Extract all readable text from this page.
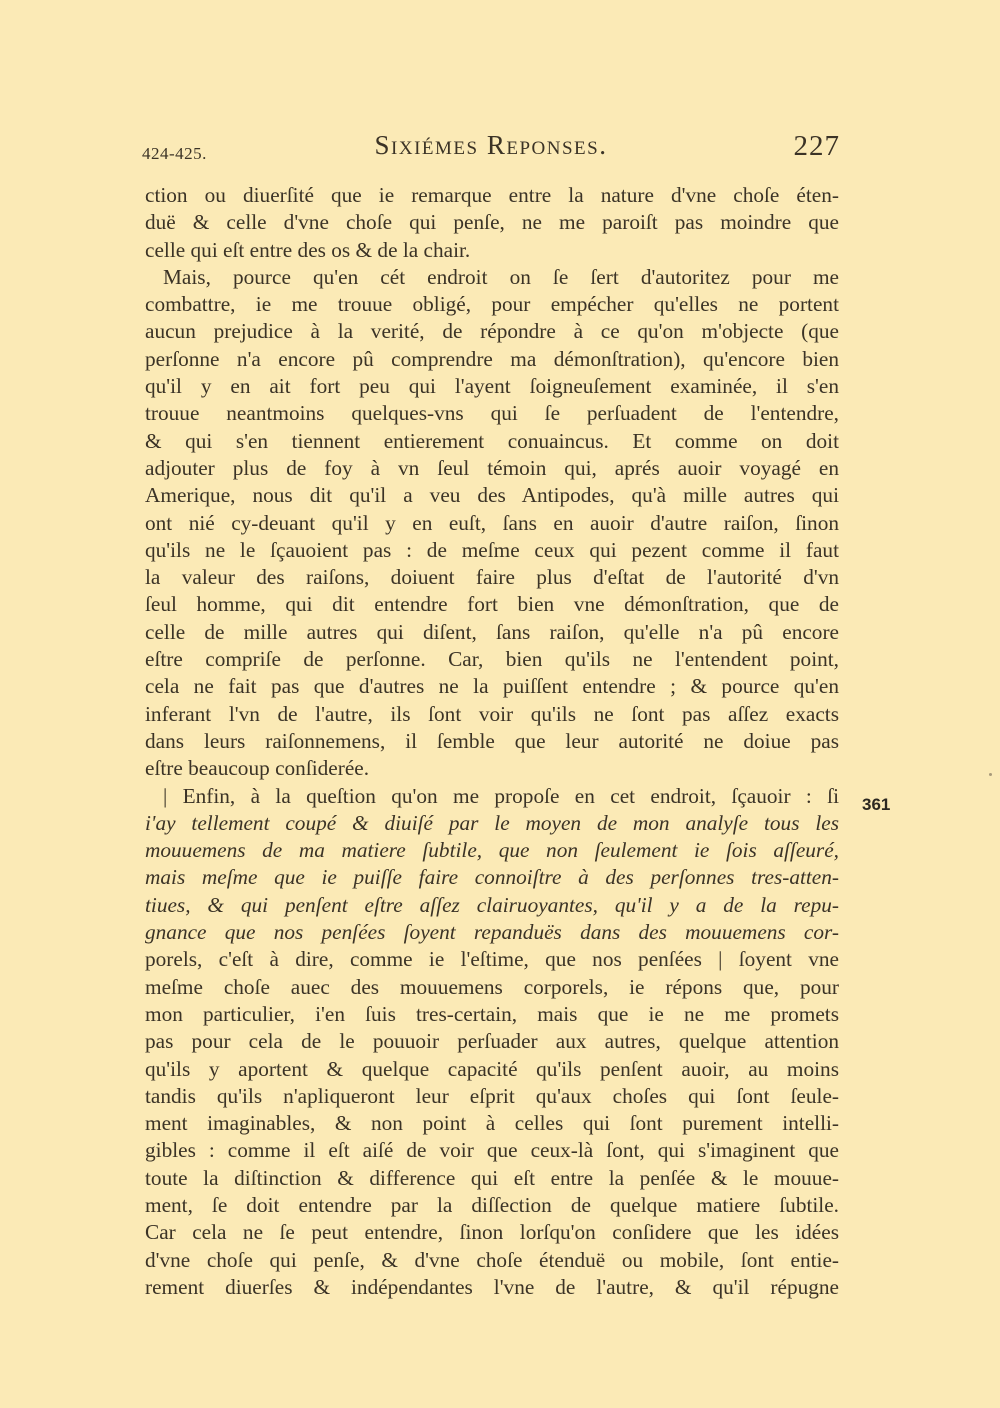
424-425.	Sixiémes Reponses.	227
ction ou diuerſité que ie remarque entre la nature d'vne choſe éten-
duë & celle d'vne choſe qui penſe, ne me paroiſt pas moindre que
celle qui eſt entre des os & de la chair.
Mais, pource qu'en cét endroit on ſe ſert d'autoritez pour me
combattre, ie me trouue obligé, pour empécher qu'elles ne portent
aucun prejudice à la verité, de répondre à ce qu'on m'objecte (que
perſonne n'a encore pû comprendre ma démonſtration), qu'encore bien
qu'il y en ait fort peu qui l'ayent ſoigneuſement examinée, il s'en
trouue neantmoins quelques-vns qui ſe perſuadent de l'entendre,
& qui s'en tiennent entierement conuaincus. Et comme on doit
adjouter plus de foy à vn ſeul témoin qui, aprés auoir voyagé en
Amerique, nous dit qu'il a veu des Antipodes, qu'à mille autres qui
ont nié cy-deuant qu'il y en euſt, ſans en auoir d'autre raiſon, ſinon
qu'ils ne le ſçauoient pas : de meſme ceux qui pezent comme il faut
la valeur des raiſons, doiuent faire plus d'eſtat de l'autorité d'vn
ſeul homme, qui dit entendre fort bien vne démonſtration, que de
celle de mille autres qui diſent, ſans raiſon, qu'elle n'a pû encore
eſtre compriſe de perſonne. Car, bien qu'ils ne l'entendent point,
cela ne fait pas que d'autres ne la puiſſent entendre ; & pource qu'en
inferant l'vn de l'autre, ils ſont voir qu'ils ne ſont pas aſſez exacts
dans leurs raiſonnemens, il ſemble que leur autorité ne doiue pas
eſtre beaucoup conſiderée.
| Enfin, à la queſtion qu'on me propoſe en cet endroit, ſçauoir : ſi
i'ay tellement coupé & diuiſé par le moyen de mon analyſe tous les
mouuemens de ma matiere ſubtile, que non ſeulement ie ſois aſſeuré,
mais meſme que ie puiſſe faire connoiſtre à des perſonnes tres-atten-
tiues, & qui penſent eſtre aſſez clairuoyantes, qu'il y a de la repu-
gnance que nos penſées ſoyent repanduës dans des mouuemens cor-
porels, c'eſt à dire, comme ie l'eſtime, que nos penſées | ſoyent vne
meſme choſe auec des mouuemens corporels, ie répons que, pour
mon particulier, i'en ſuis tres-certain, mais que ie ne me promets
pas pour cela de le pouuoir perſuader aux autres, quelque attention
qu'ils y aportent & quelque capacité qu'ils penſent auoir, au moins
tandis qu'ils n'apliqueront leur eſprit qu'aux choſes qui ſont ſeule-
ment imaginables, & non point à celles qui ſont purement intelli-
gibles : comme il eſt aiſé de voir que ceux-là ſont, qui s'imaginent que
toute la diſtinction & difference qui eſt entre la penſée & le mouue-
ment, ſe doit entendre par la diſſection de quelque matiere ſubtile.
Car cela ne ſe peut entendre, ſinon lorſqu'on conſidere que les idées
d'vne choſe qui penſe, & d'vne choſe étenduë ou mobile, ſont entie-
rement diuerſes & indépendantes l'vne de l'autre, & qu'il répugne
361
